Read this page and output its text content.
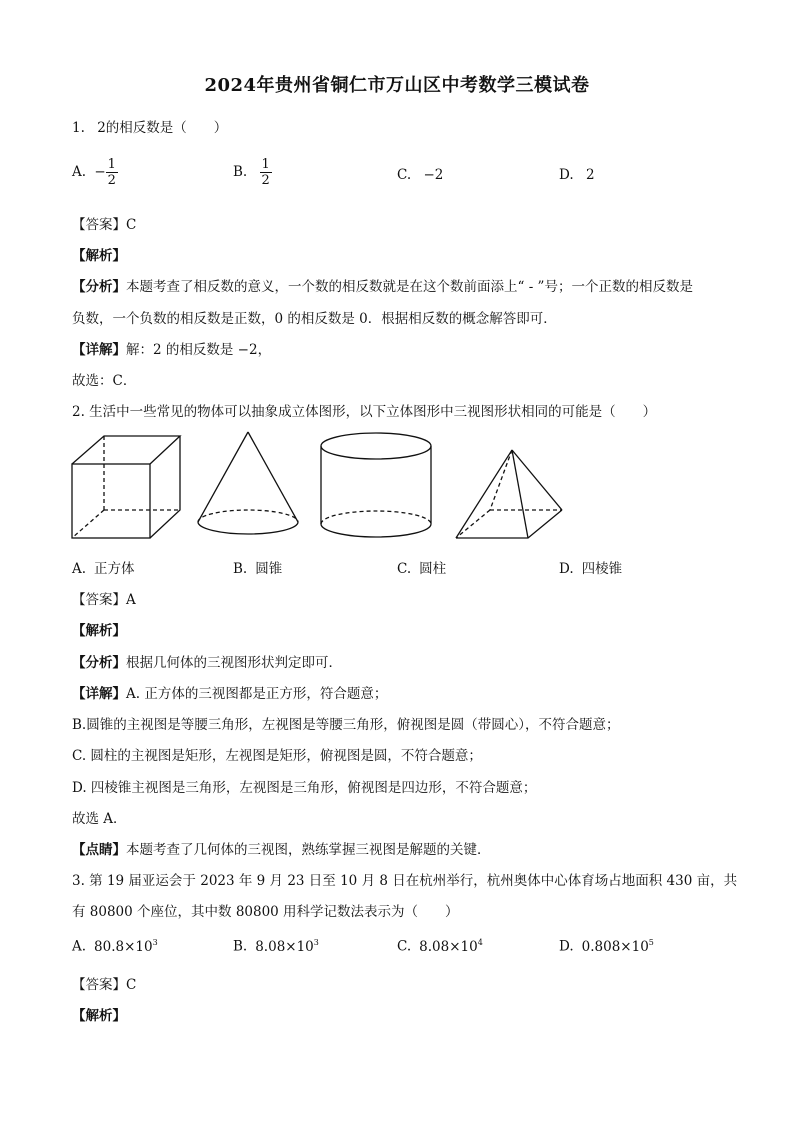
2024年贵州省铜仁市万山区中考数学三模试卷
1. 2的相反数是（　　）
A. − $\frac{1}{2}$	B. $\frac{1}{2}$	C. −2	D. 2
【答案】C
【解析】
【分析】本题考查了相反数的意义，一个数的相反数就是在这个数前面添上“ - ”号；一个正数的相反数是
负数，一个负数的相反数是正数，0 的相反数是 0．根据相反数的概念解答即可．
【详解】解：2 的相反数是 −2，
故选：C．
2. 生活中一些常见的物体可以抽象成立体图形，以下立体图形中三视图形状相同的可能是（　　）
A. 正方体	B. 圆锥	C. 圆柱	D. 四棱锥
【答案】A
【解析】
【分析】根据几何体的三视图形状判定即可．
【详解】A. 正方体的三视图都是正方形，符合题意；
B.圆锥的主视图是等腰三角形，左视图是等腰三角形，俯视图是圆（带圆心），不符合题意；
C. 圆柱的主视图是矩形，左视图是矩形，俯视图是圆，不符合题意；
D. 四棱锥主视图是三角形，左视图是三角形，俯视图是四边形，不符合题意；
故选 A．
【点睛】本题考查了几何体的三视图，熟练掌握三视图是解题的关键．
3. 第 19 届亚运会于 2023 年 9 月 23 日至 10 月 8 日在杭州举行，杭州奥体中心体育场占地面积 430 亩，共
有 80800 个座位，其中数 80800 用科学记数法表示为（　　）
A. $80.8\times 10^3$	B. $8.08\times 10^3$	C. $8.08\times 10^4$	D. $0.808\times 10^5$
【答案】C
【解析】
